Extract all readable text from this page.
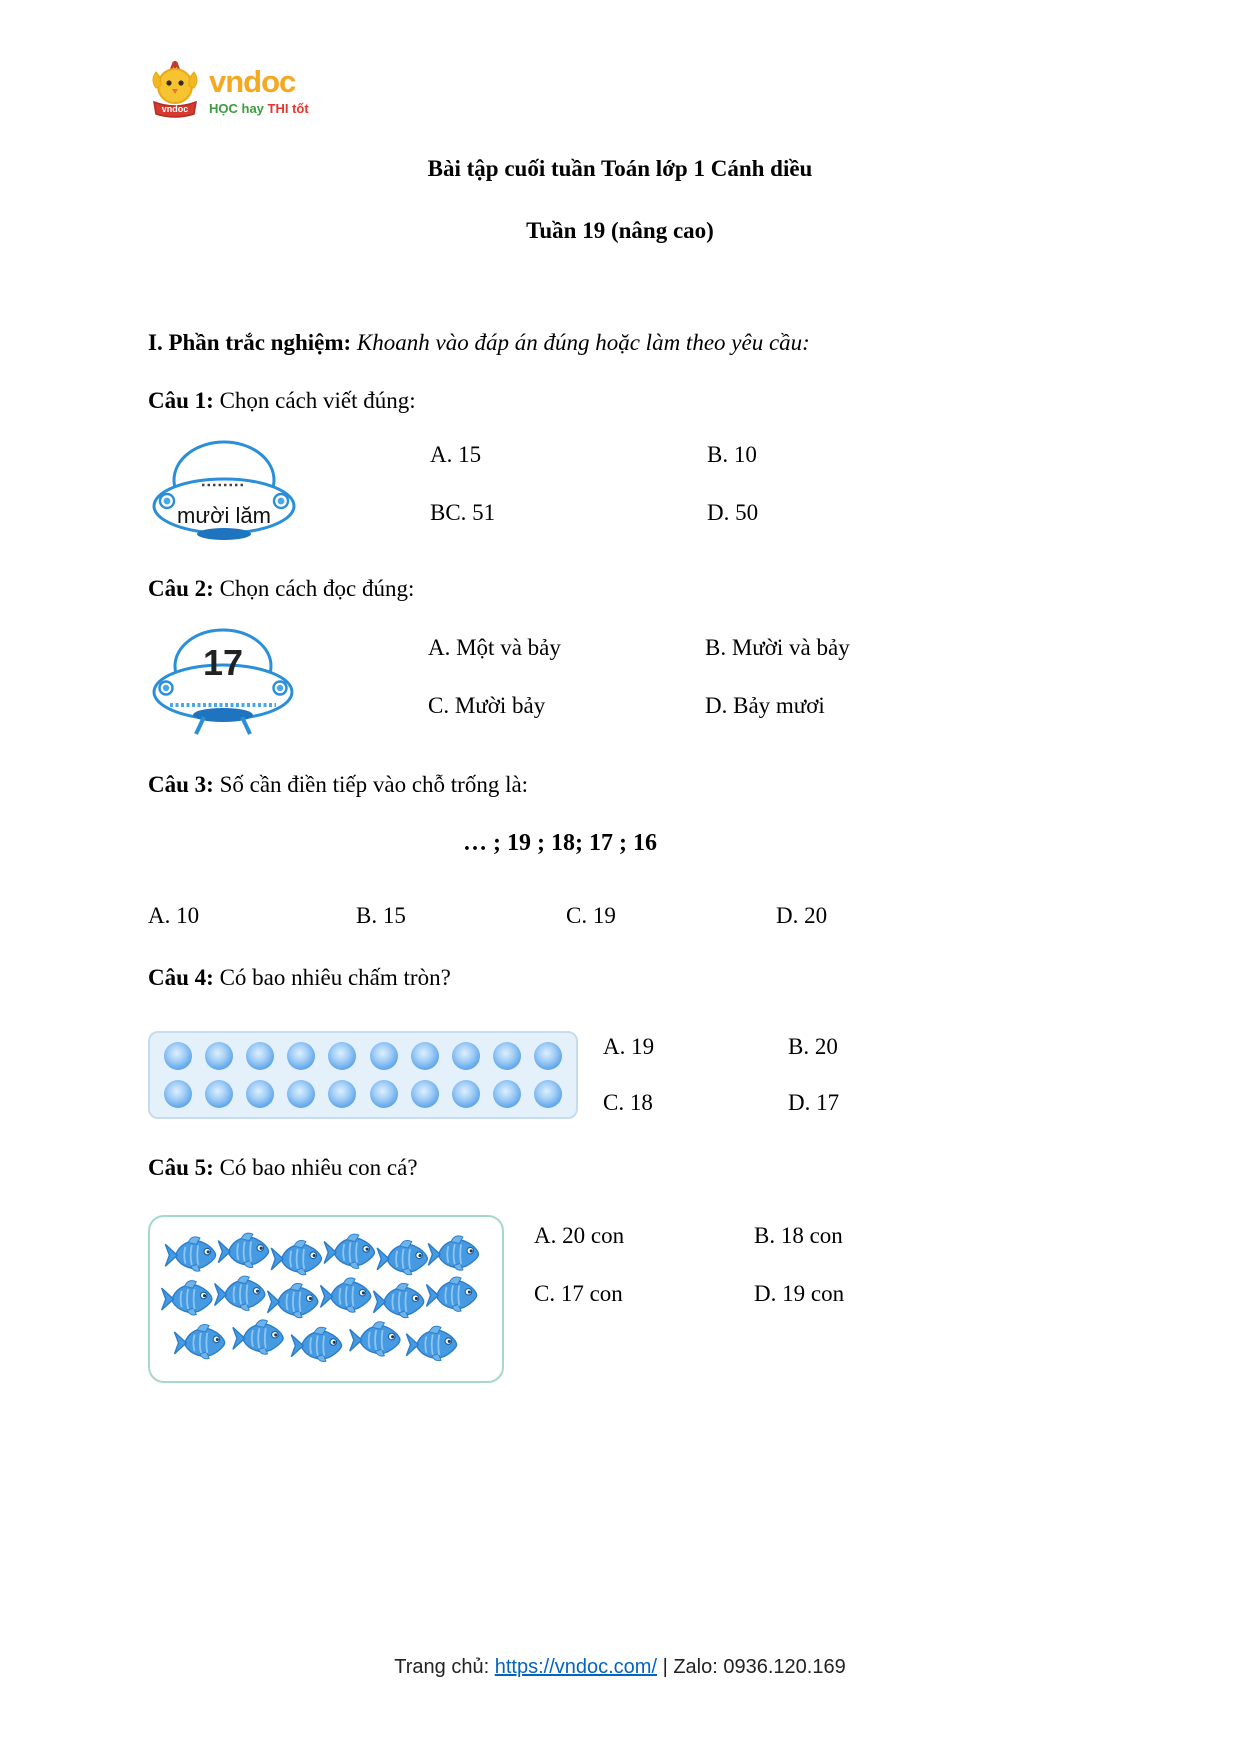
vndoc
vndoc
HỌC hay THI tốt
Bài tập cuối tuần Toán lớp 1 Cánh diều
Tuần 19 (nâng cao)

I. Phần trắc nghiệm: Khoanh vào đáp án đúng hoặc làm theo yêu cầu:

Câu 1: Chọn cách viết đúng:

mười lăm
A. 15	B. 10
BC. 51	D. 50

Câu 2: Chọn cách đọc đúng:

17	A. Một và bảy	B. Mười và bảy
C. Mười bảy	D. Bảy mươi

Câu 3: Số cần điền tiếp vào chỗ trống là:

… ; 19 ; 18; 17 ; 16

A. 10	B. 15	C. 19	D. 20

Câu 4: Có bao nhiêu chấm tròn?

A. 19	B. 20
C. 18	D. 17

Câu 5: Có bao nhiêu con cá?

A. 20 con	B. 18 con
C. 17 con	D. 19 con
Trang chủ: https://vndoc.com/ | Zalo: 0936.120.169
